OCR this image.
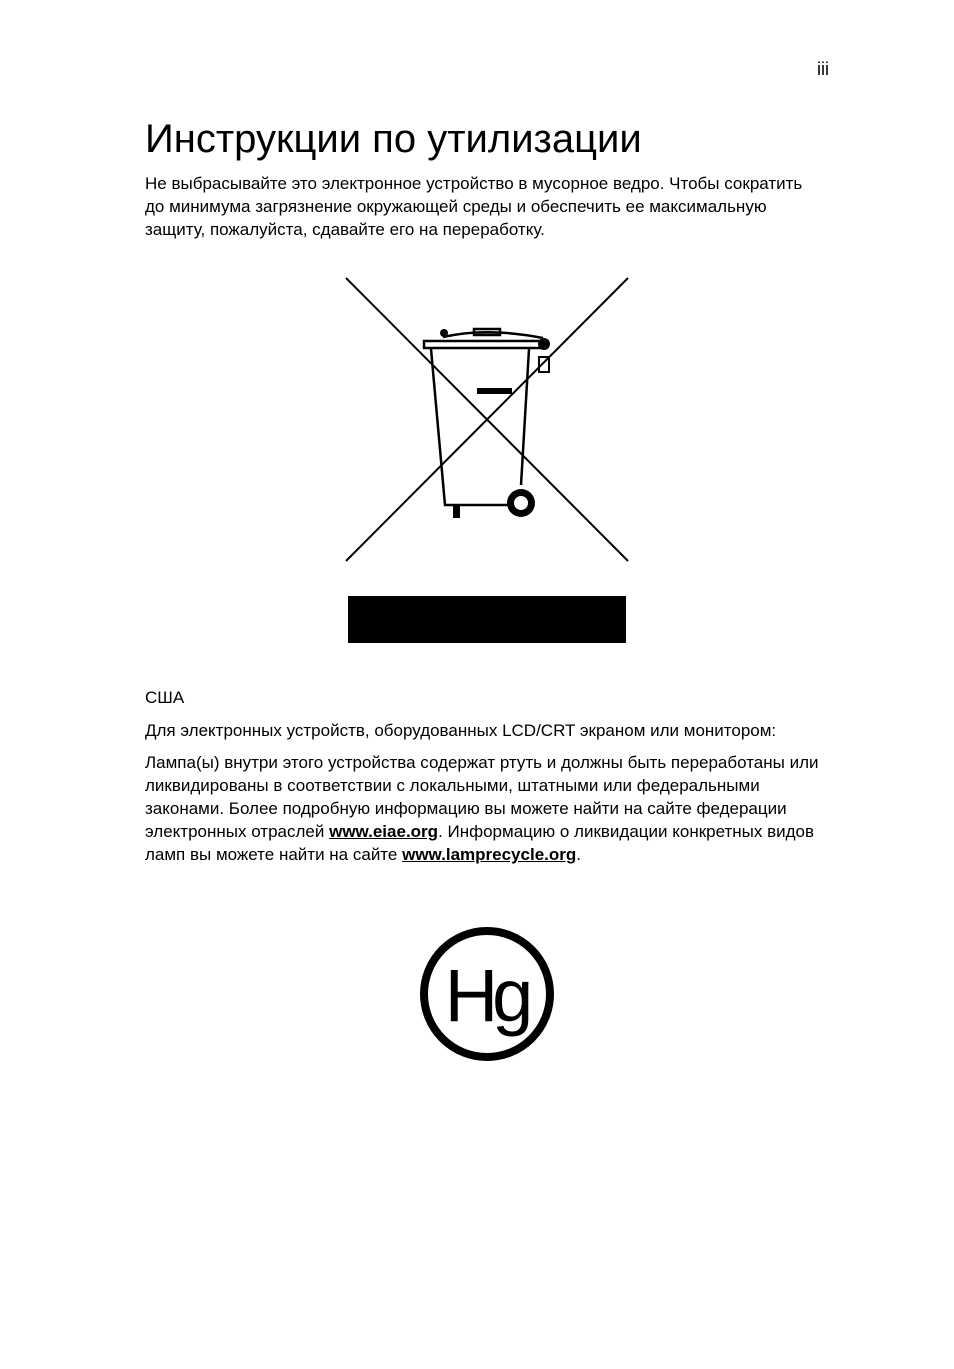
iii
Инструкции по утилизации

Не выбрасывайте это электронное устройство в мусорное ведро. Чтобы сократить до минимума загрязнение окружающей среды и обеспечить ее максимальную защиту, пожалуйста, сдавайте его на переработку.

США

Для электронных устройств, оборудованных LCD/CRT экраном или монитором:

Лампа(ы) внутри этого устройства содержат ртуть и должны быть переработаны или ликвидированы в соответствии с локальными, штатными или федеральными законами. Более подробную информацию вы можете найти на сайте федерации электронных отраслей www.eiae.org. Информацию о ликвидации конкретных видов ламп вы можете найти на сайте www.lamprecycle.org.

Hg
